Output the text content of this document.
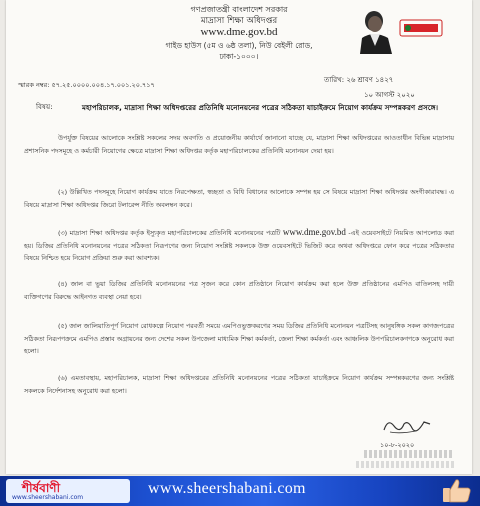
গণপ্রজাতন্ত্রী বাংলাদেশ সরকার
মাদ্রাসা শিক্ষা অধিদপ্তর
www.dme.gov.bd
গাইড হাউস (৫ম ও ৬ষ্ঠ তলা), নিউ বেইলী রোড,
ঢাকা-১০০০।
স্মারক নম্বর: ৫৭.২৫.০০০০.০০৪.১৭.০০১.২০.৭১৭
তারিখ: ২৬ শ্রাবণ ১৪২৭
১০ আগস্ট ২০২০
বিষয়:	মহাপরিচালক, মাদ্রাসা শিক্ষা অধিদপ্তরের প্রতিনিধি মনোনয়নের পত্রের সঠিকতা যাচাইক্রমে নিয়োগ কার্যক্রম সম্পন্নকরণ প্রসঙ্গে।
উপর্যুক্ত বিষয়ের আলোকে সংশ্লিষ্ট সকলের সদয় অবগতি ও প্রয়োজনীয় কার্যার্থে জানানো যাচ্ছে যে, মাদ্রাসা শিক্ষা অধিদপ্তরের আওতাধীন বিভিন্ন মাদ্রাসায় প্রশাসনিক পদসমূহে ও কর্মচারী নিয়োগের ক্ষেত্রে মাদ্রাসা শিক্ষা অধিদপ্তর কর্তৃক মহাপরিচালকের প্রতিনিধি মনোনয়ন দেয়া হয়।
(২) উল্লিখিত পদসমূহে নিয়োগ কার্যক্রম যাতে নিরপেক্ষতা, স্বচ্ছতা ও বিধি বিধানের আলোকে সম্পন্ন হয় সে বিষয়ে মাদ্রাসা শিক্ষা অধিদপ্তর অংগীকারাবদ্ধ। এ বিষয়ে মাদ্রাসা শিক্ষা অধিদপ্তর জিরো টলারেন্স নীতি অবলম্বন করে।
(৩) মাদ্রাসা শিক্ষা অধিদপ্তর কর্তৃক ইস্যুকৃত মহাপরিচালকের প্রতিনিধি মনোনয়নের পত্রটি www.dme.gov.bd -এই ওয়েবসাইটে নিয়মিত আপলোড করা হয়। ডিজির প্রতিনিধি মনোনয়নের পত্রের সঠিকতা নিরূপণের জন্য নিয়োগ সংশ্লিষ্ট সকলকে উক্ত ওয়েবসাইটে ভিজিট করে অথবা অধিদপ্তরে ফোন করে পত্রের সঠিকতার বিষয়ে নিশ্চিত হয়ে নিয়োগ প্রক্রিয়া শুরু করা আবশ্যক।
(৪) জাল বা ভুয়া ডিজির প্রতিনিধি মনোনয়নের পত্র সৃজন করে কোন প্রতিষ্ঠানে নিয়োগ কার্যক্রম করা হলে উক্ত প্রতিষ্ঠানের এমপিও বাতিলসহ দায়ী ব্যক্তিগণের বিরুদ্ধে আইনগত ব্যবস্থা নেয়া হবে।
(৫) জাল জালিয়াতিপূর্ণ নিয়োগ রোধকল্পে নিয়োগ পরবর্তী সময়ে এমপিওভুক্তকরণের সময় ডিজির প্রতিনিধি মনোনয়ন পত্রটিসহ আনুষঙ্গিক সকল কাগজপত্রের সঠিকতা নিরূপণক্রমে এমপিও প্রস্তাব অগ্রায়নের জন্য দেশের সকল উপজেলা মাধ্যমিক শিক্ষা কর্মকর্তা, জেলা শিক্ষা কর্মকর্তা এবং আঞ্চলিক উপপরিচালকগণকে অনুরোধ করা হলো।
(৬) এমতাবস্থায়, মহাপরিচালক, মাদ্রাসা শিক্ষা অধিদপ্তরের প্রতিনিধি মনোনয়নের পত্রের সঠিকতা যাচাইক্রমে নিয়োগ কার্যক্রম সম্পন্নকরণের জন্য সংশ্লিষ্ট সকলকে নির্দেশনাসহ অনুরোধ করা হলো।
১০-৮-২০২০
শীর্ষবাণী
www.sheershabani.com
www.sheershabani.com
